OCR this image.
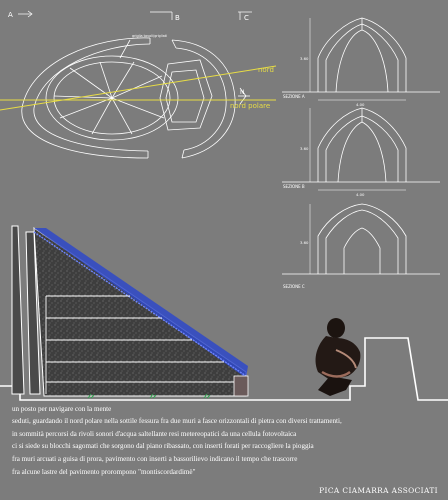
A	B	C
griglia tavoli/grigliati
nord
nord polare
N
SEZIONE A
4.00
3.60
SEZIONE B
4.00
3.60
SEZIONE C
3.60
un posto per navigare con la mente
seduti, guardando il nord polare nella sottile fessura fra due muri a fasce orizzontali di pietra con diversi trattamenti,
in sommità percorsi da rivoli sonori d'acqua saltellante resi metereopatici da una cellula fotovoltaica
ci si siede su blocchi sagomati che sorgono dal piano ribassato, con inserti forati per raccogliere la pioggia
fra muri arcuati a guisa di prora, pavimento con inserti a bassorilievo indicano il tempo che trascorre
fra alcune lastre del pavimento prorompono "montiscordardimè"
PICA CIAMARRA ASSOCIATI
